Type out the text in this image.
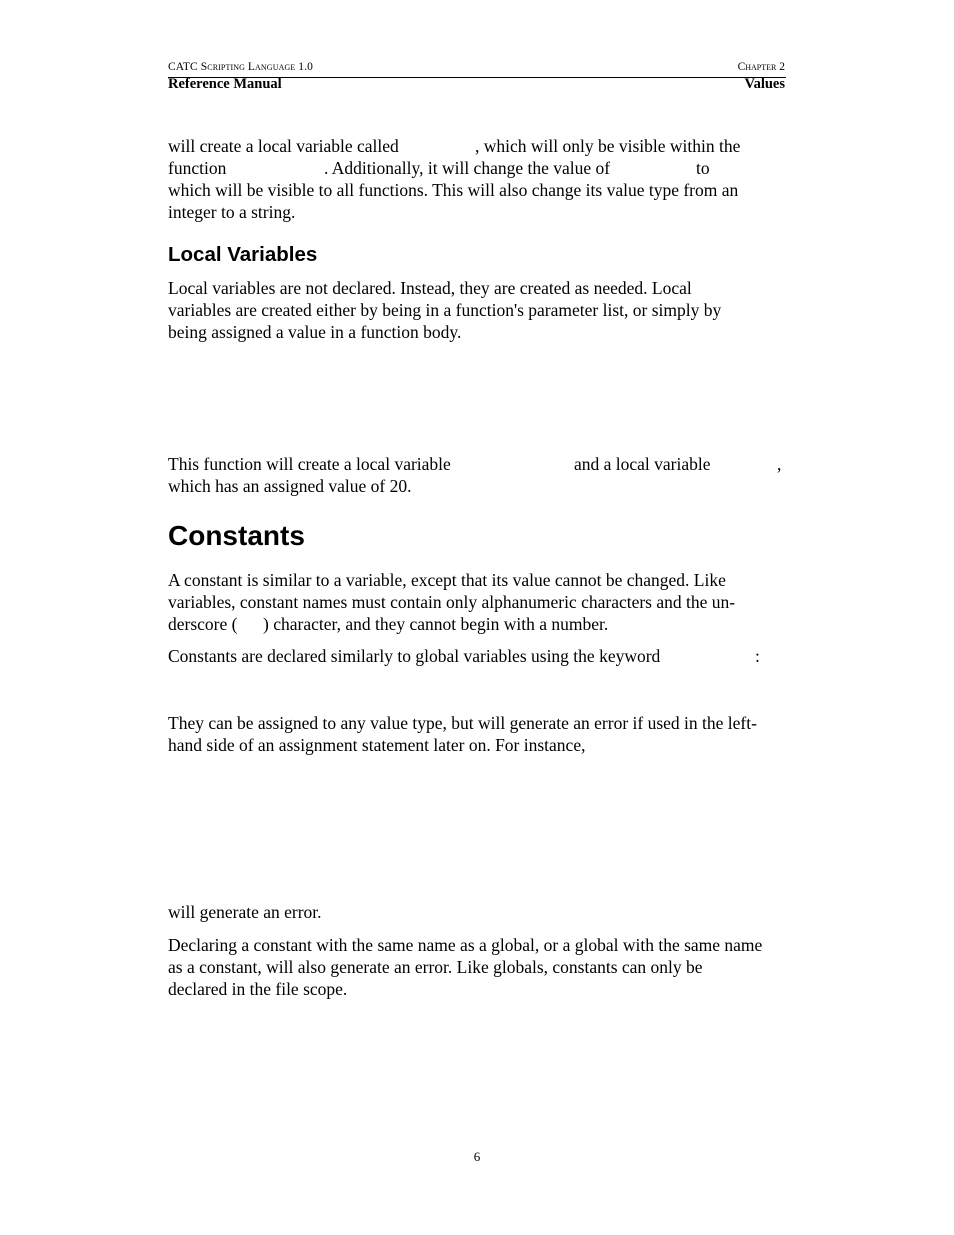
CATC Scripting Language 1.0	Chapter 2
Reference Manual	Values
will create a local variable called	, which will only be visible within the
function	. Additionally, it will change the value of	to
which will be visible to all functions. This will also change its value type from an
integer to a string.
Local Variables
Local variables are not declared. Instead, they are created as needed. Local
variables are created either by being in a function's parameter list, or simply by
being assigned a value in a function body.
This function will create a local variable	and a local variable	,
which has an assigned value of 20.
Constants
A constant is similar to a variable, except that its value cannot be changed. Like
variables, constant names must contain only alphanumeric characters and the un-
derscore ( ) character, and they cannot begin with a number.
Constants are declared similarly to global variables using the keyword	:
They can be assigned to any value type, but will generate an error if used in the left-
hand side of an assignment statement later on. For instance,
will generate an error.
Declaring a constant with the same name as a global, or a global with the same name
as a constant, will also generate an error. Like globals, constants can only be
declared in the file scope.
6
